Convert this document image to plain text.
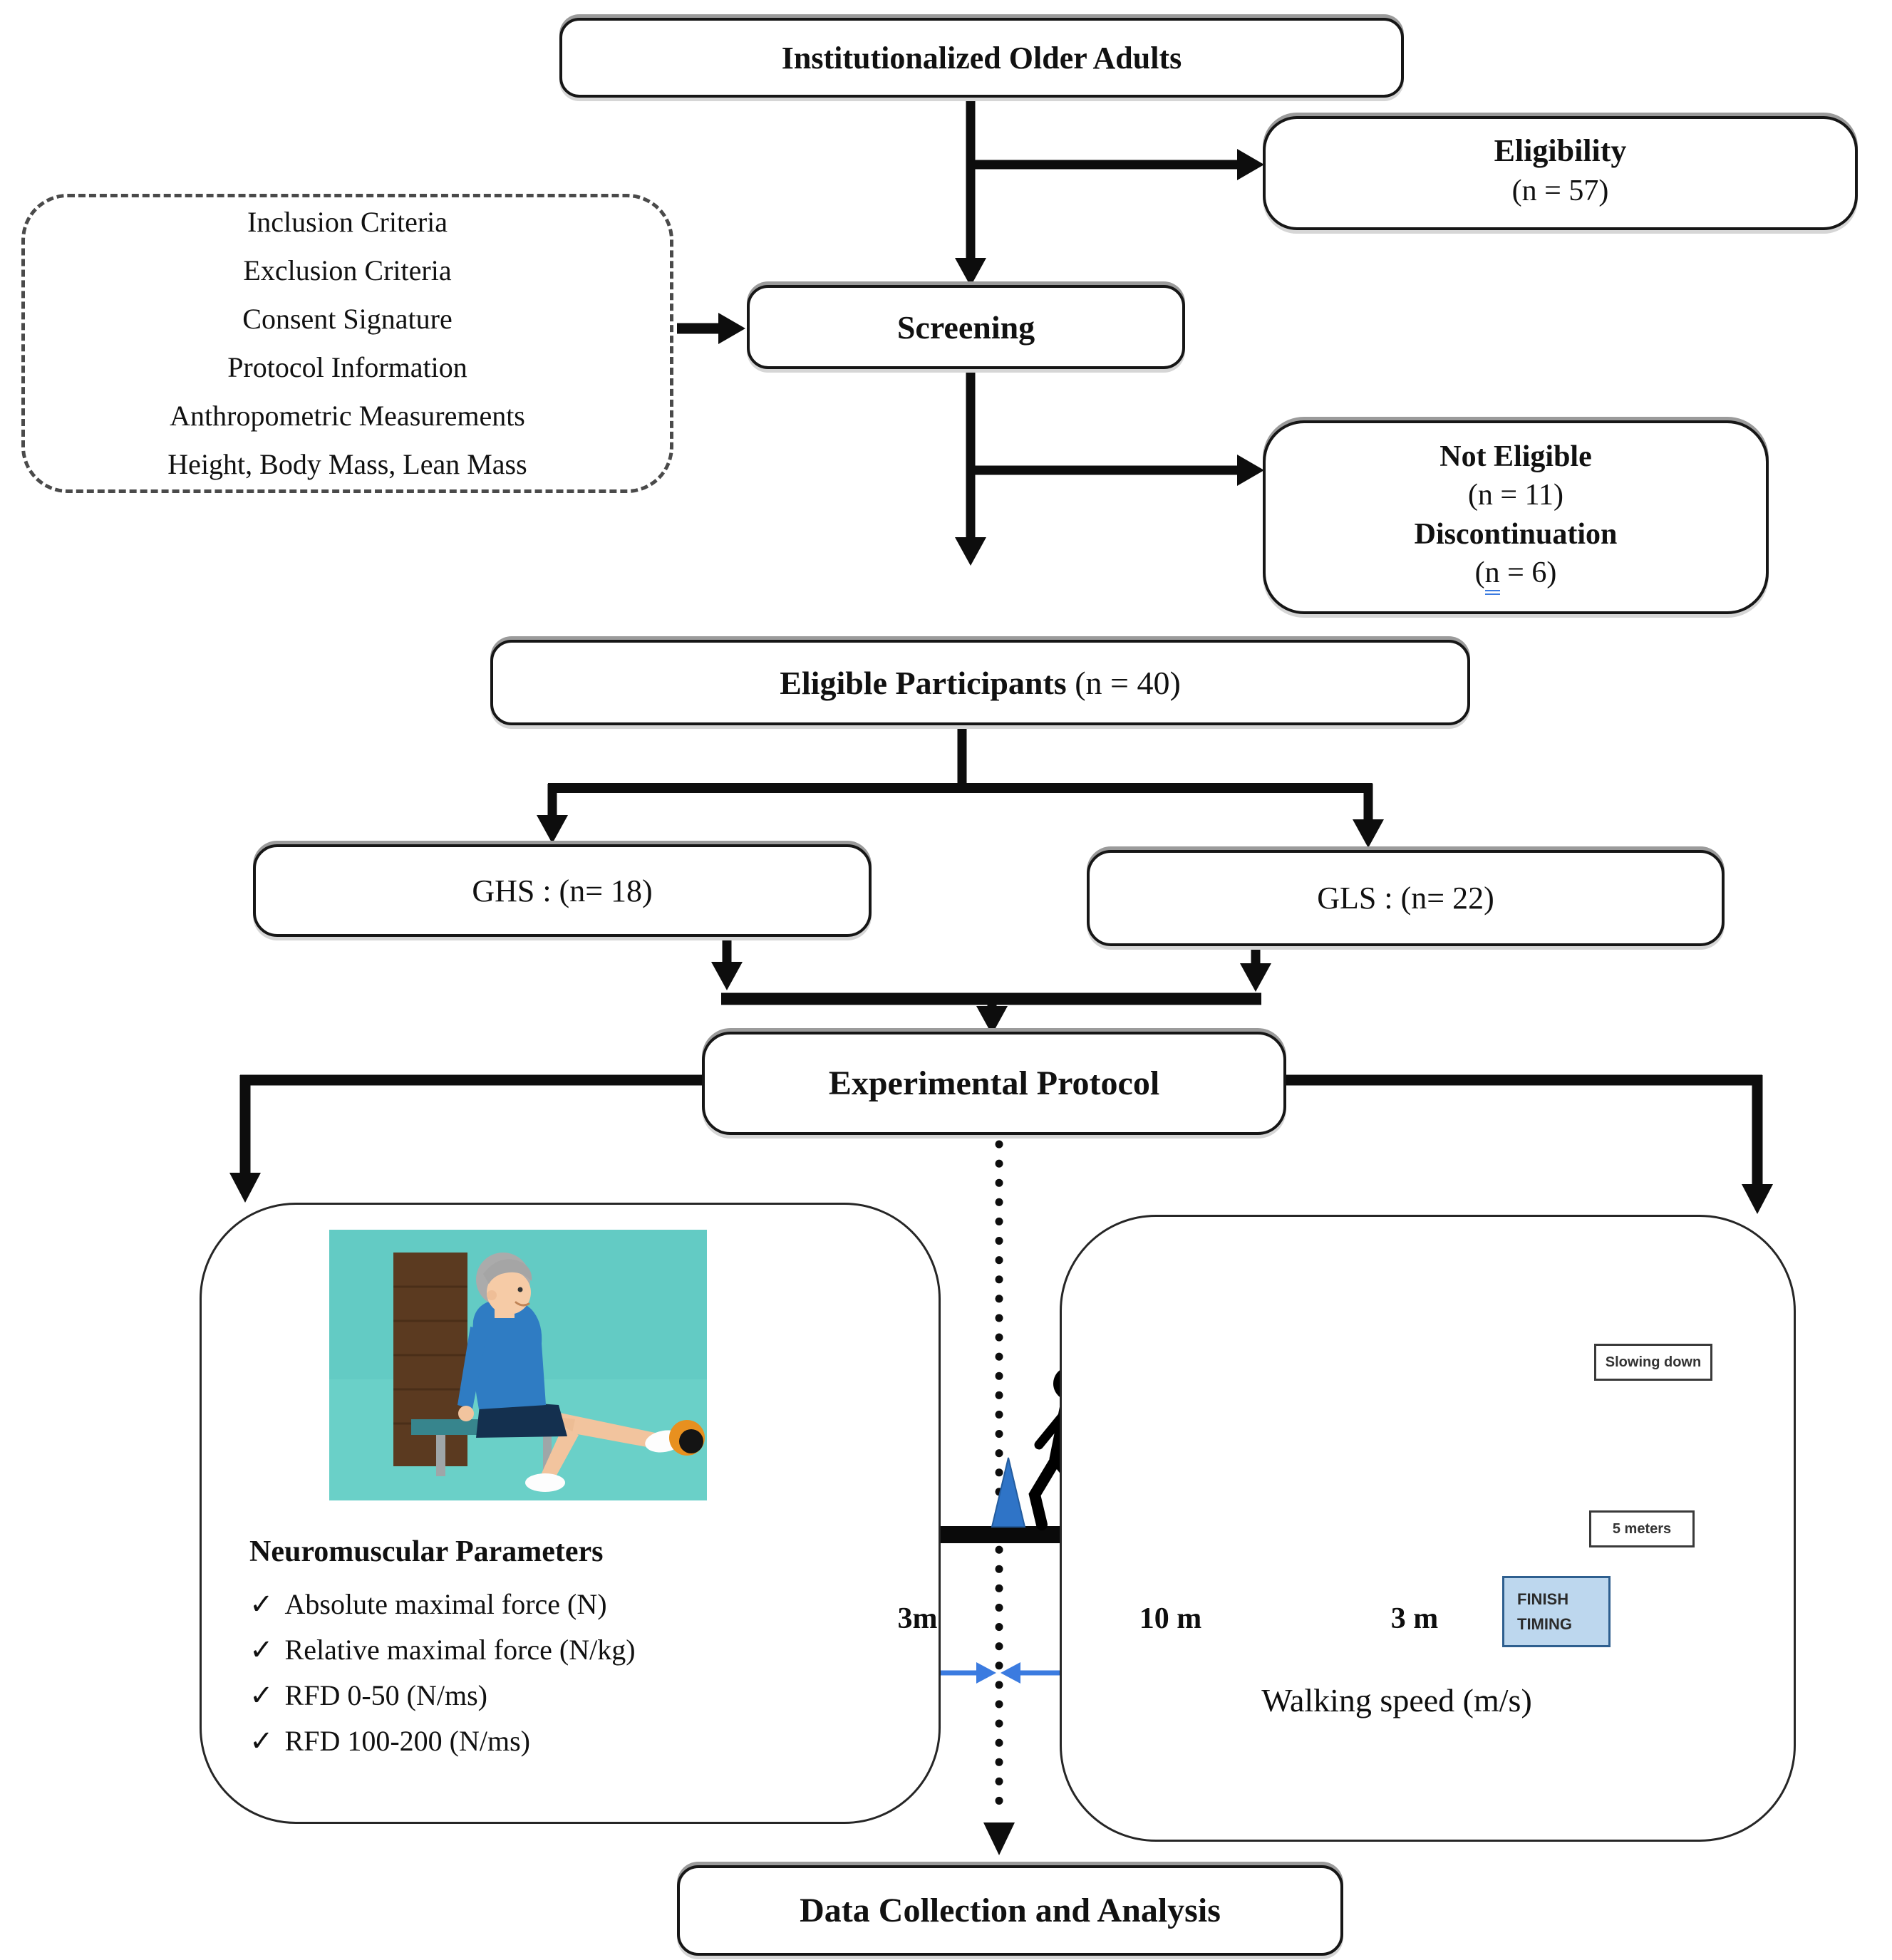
Institutionalized Older Adults
Eligibility
(n = 57)
Inclusion Criteria
Exclusion Criteria
Consent Signature
Protocol Information
Anthropometric Measurements
Height, Body Mass, Lean Mass
Screening
Not Eligible
(n = 11)
Discontinuation
(n = 6)
Eligible Participants (n = 40)
GHS : (n= 18)	GLS : (n= 22)
Experimental Protocol
Neuromuscular Parameters
✓ Absolute maximal force (N)
✓ Relative maximal force (N/kg)
✓ RFD 0-50 (N/ms)
✓ RFD 100-200 (N/ms)
3m	10 m	3 m
Walking speed (m/s)
Slowing down
5 meters
FINISH
TIMING
Data Collection and Analysis
